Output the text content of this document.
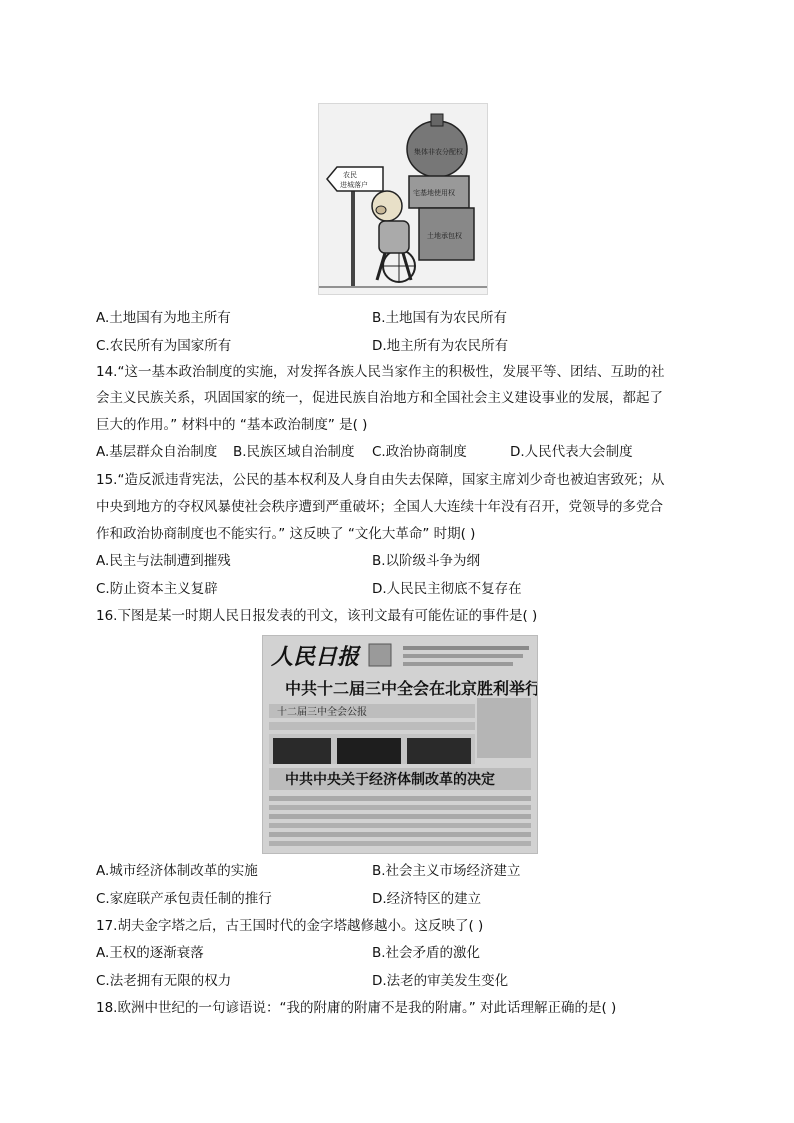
农民
进城落户
集体非农分配权
宅基地使用权
土地承包权
A.土地国有为地主所有	B.土地国有为农民所有
C.农民所有为国家所有	D.地主所有为农民所有
14.“这一基本政治制度的实施，对发挥各族人民当家作主的积极性，发展平等、团结、互助的社
会主义民族关系，巩固国家的统一，促进民族自治地方和全国社会主义建设事业的发展，都起了
巨大的作用。” 材料中的 “基本政治制度” 是( )
A.基层群众自治制度 B.民族区域自治制度 C.政治协商制度	D.人民代表大会制度
15.“造反派违背宪法，公民的基本权利及人身自由失去保障，国家主席刘少奇也被迫害致死；从
中央到地方的夺权风暴使社会秩序遭到严重破坏；全国人大连续十年没有召开，党领导的多党合
作和政治协商制度也不能实行。” 这反映了 “文化大革命” 时期( )
A.民主与法制遭到摧残	B.以阶级斗争为纲
C.防止资本主义复辟	D.人民民主彻底不复存在
16.下图是某一时期人民日报发表的刊文，该刊文最有可能佐证的事件是( )
人民日报
中共十二届三中全会在北京胜利举行
十二届三中全会公报
中共中央关于经济体制改革的决定
A.城市经济体制改革的实施	B.社会主义市场经济建立
C.家庭联产承包责任制的推行	D.经济特区的建立
17.胡夫金字塔之后，古王国时代的金字塔越修越小。这反映了( )
A.王权的逐渐衰落	B.社会矛盾的激化
C.法老拥有无限的权力	D.法老的审美发生变化
18.欧洲中世纪的一句谚语说：“我的附庸的附庸不是我的附庸。” 对此话理解正确的是( )
